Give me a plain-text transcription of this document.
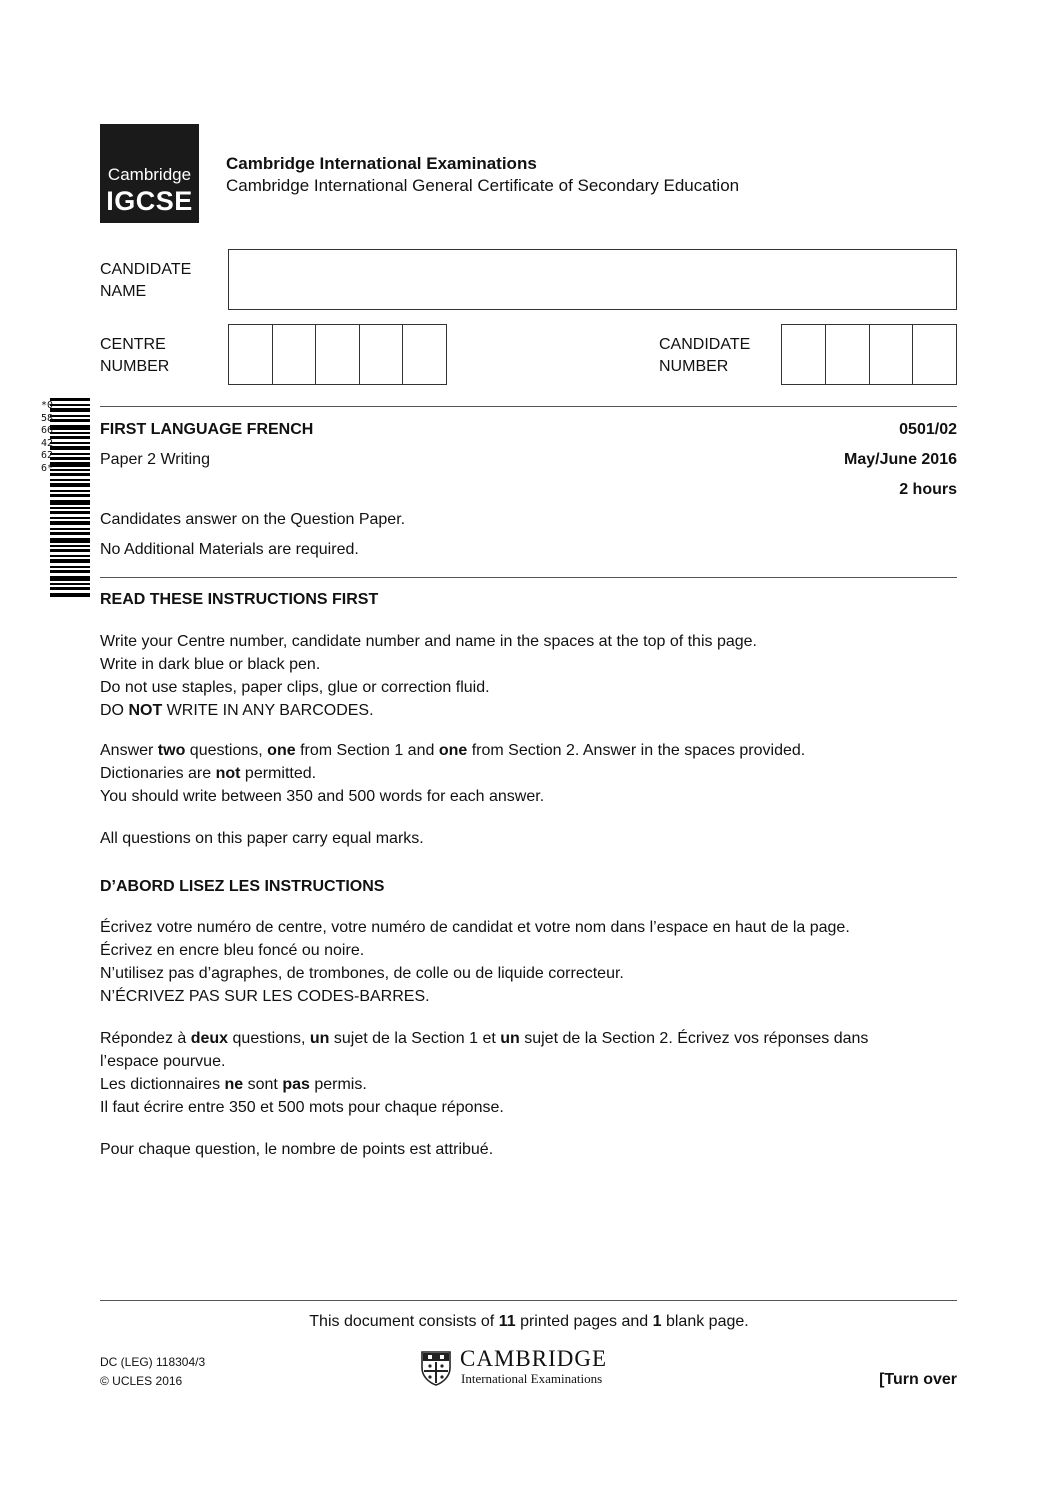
Cambridge
IGCSE
Cambridge International Examinations
Cambridge International General Certificate of Secondary Education
CANDIDATE
NAME
CENTRE
NUMBER
CANDIDATE
NUMBER
*0586642626*
FIRST LANGUAGE FRENCH	0501/02
Paper 2 Writing	May/June 2016
2 hours
Candidates answer on the Question Paper.
No Additional Materials are required.
READ THESE INSTRUCTIONS FIRST
Write your Centre number, candidate number and name in the spaces at the top of this page.
Write in dark blue or black pen.
Do not use staples, paper clips, glue or correction fluid.
DO NOT WRITE IN ANY BARCODES.
Answer two questions, one from Section 1 and one from Section 2. Answer in the spaces provided.
Dictionaries are not permitted.
You should write between 350 and 500 words for each answer.
All questions on this paper carry equal marks.
D’ABORD LISEZ LES INSTRUCTIONS
Écrivez votre numéro de centre, votre numéro de candidat et votre nom dans l’espace en haut de la page.
Écrivez en encre bleu foncé ou noire.
N’utilisez pas d’agraphes, de trombones, de colle ou de liquide correcteur.
N’ÉCRIVEZ PAS SUR LES CODES-BARRES.
Répondez à deux questions, un sujet de la Section 1 et un sujet de la Section 2. Écrivez vos réponses dans
l’espace pourvue.
Les dictionnaires ne sont pas permis.
Il faut écrire entre 350 et 500 mots pour chaque réponse.
Pour chaque question, le nombre de points est attribué.
This document consists of 11 printed pages and 1 blank page.
DC (LEG) 118304/3
© UCLES 2016
CAMBRIDGE
International Examinations	[Turn over
